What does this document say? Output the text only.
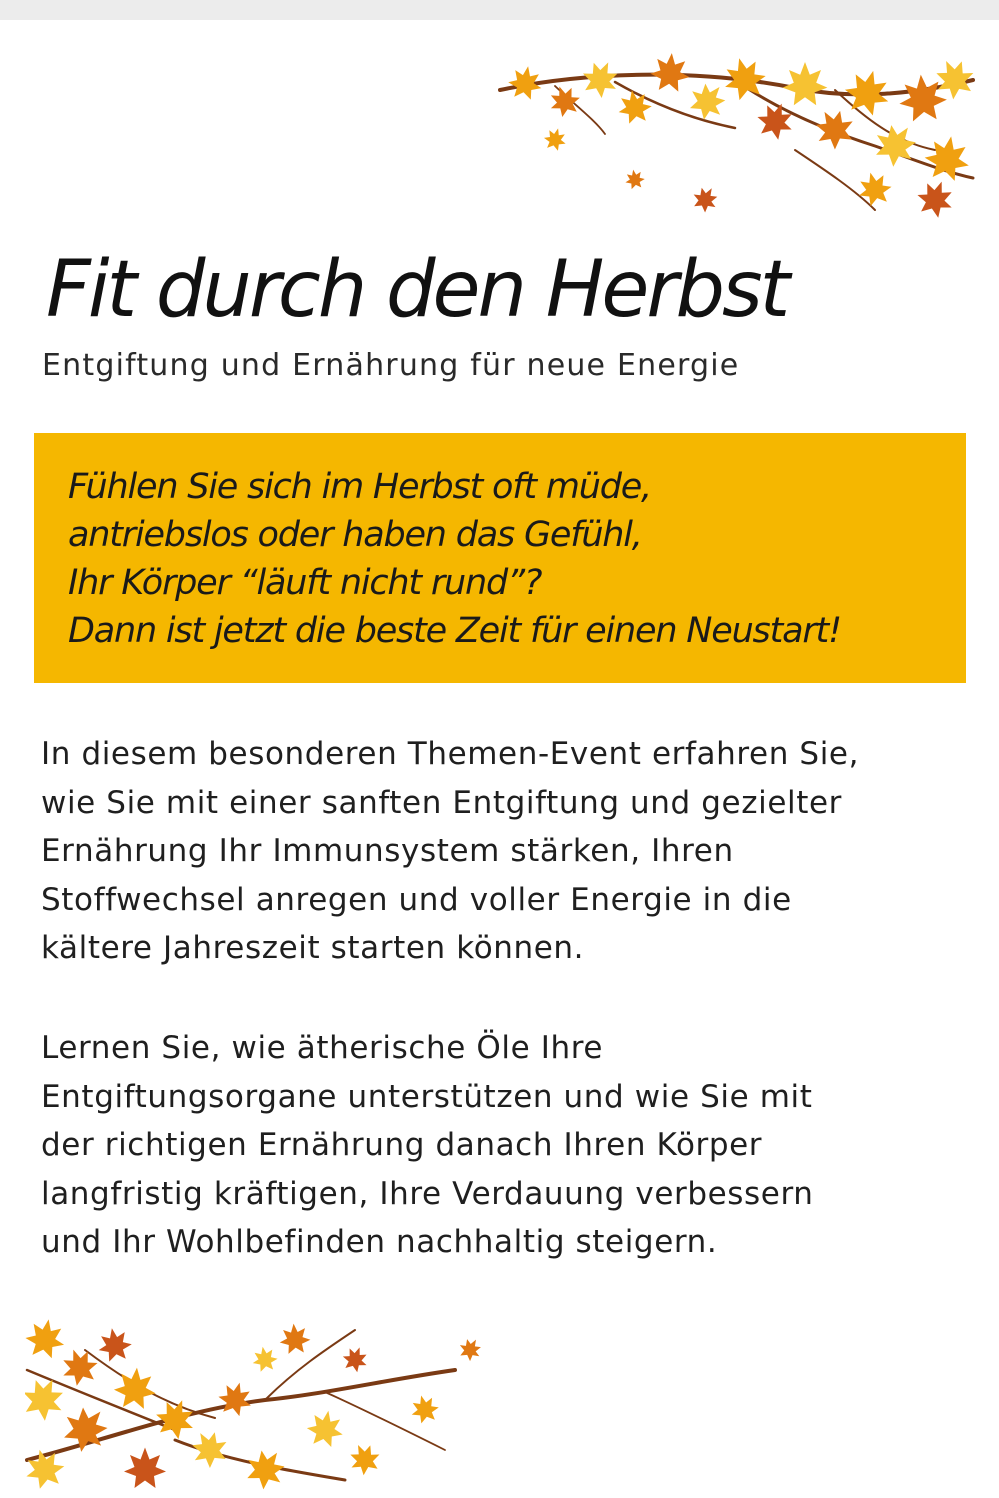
Fit durch den Herbst

Entgiftung und Ernährung für neue Energie

Fühlen Sie sich im Herbst oft müde,
antriebslos oder haben das Gefühl,
Ihr Körper “läuft nicht rund”?
Dann ist jetzt die beste Zeit für einen Neustart!

In diesem besonderen Themen-Event erfahren Sie,
wie Sie mit einer sanften Entgiftung und gezielter
Ernährung Ihr Immunsystem stärken, Ihren
Stoffwechsel anregen und voller Energie in die
kältere Jahreszeit starten können.

Lernen Sie, wie ätherische Öle Ihre
Entgiftungsorgane unterstützen und wie Sie mit
der richtigen Ernährung danach Ihren Körper
langfristig kräftigen, Ihre Verdauung verbessern
und Ihr Wohlbefinden nachhaltig steigern.
